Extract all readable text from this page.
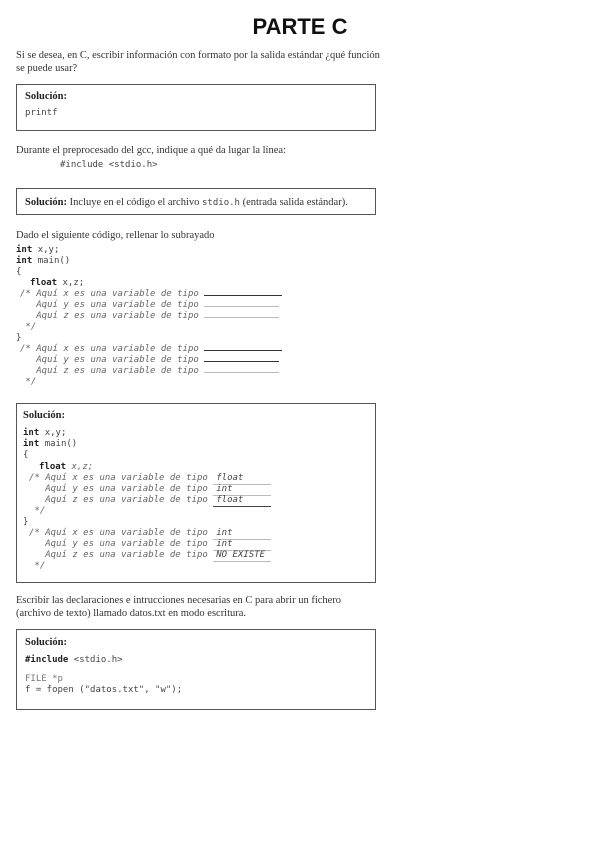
PARTE C
Si se desea, en C, escribir información con formato por la salida estándar ¿qué función se puede usar?
Solución:
printf
Durante el preprocesado del gcc, indique a qué da lugar la línea:
#include <stdio.h>
Solución: Incluye en el código el archivo stdio.h (entrada salida estándar).
Dado el siguiente código, rellenar lo subrayado
int x,y;
int main()
{
float x,z;
/* Aquí x es una variable de tipo
Aquí y es una variable de tipo
Aquí z es una variable de tipo
*/
}
/* Aquí x es una variable de tipo
Aquí y es una variable de tipo
Aquí z es una variable de tipo
*/
Solución:
int x,y;
int main()
{
float x,z;
/* Aquí x es una variable de tipo float
Aquí y es una variable de tipo int
Aquí z es una variable de tipo float
*/
}
/* Aquí x es una variable de tipo int
Aquí y es una variable de tipo int
Aquí z es una variable de tipo NO EXISTE
*/
Escribir las declaraciones e intrucciones necesarias en C para abrir un fichero (archivo de texto) llamado datos.txt en modo escritura.
Solución:
#include <stdio.h>
FILE *p
f = fopen ("datos.txt", "w");
